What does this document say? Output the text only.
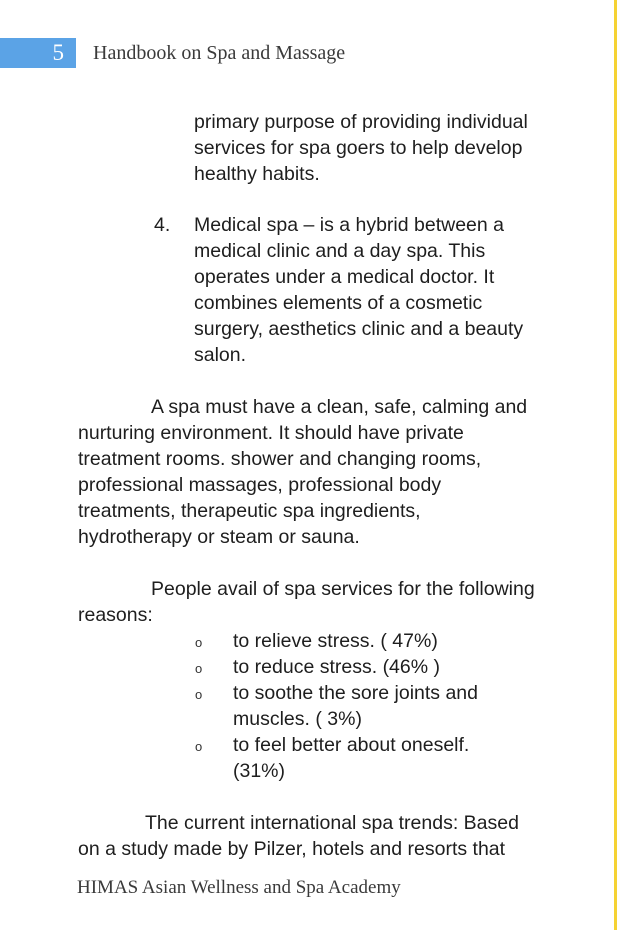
5 Handbook on Spa and Massage
primary purpose of providing individual
services for spa goers to help develop
healthy habits.
4. Medical spa – is a hybrid between a
medical clinic and a day spa. This
operates under a medical doctor. It
combines elements of a cosmetic
surgery, aesthetics clinic and a beauty
salon.
A spa must have a clean, safe, calming and
nurturing environment. It should have private
treatment rooms. shower and changing rooms,
professional massages, professional body
treatments, therapeutic spa ingredients,
hydrotherapy or steam or sauna.
People avail of spa services for the following
reasons:
o to relieve stress. ( 47%)
o to reduce stress. (46% )
o to soothe the sore joints and
muscles. ( 3%)
o to feel better about oneself.
(31%)
The current international spa trends: Based
on a study made by Pilzer, hotels and resorts that
HIMAS Asian Wellness and Spa Academy
